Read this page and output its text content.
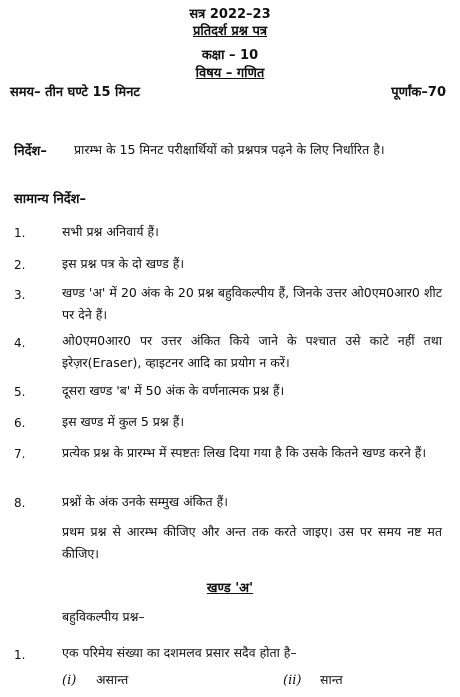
सत्र 2022–23
प्रतिदर्श प्रश्न पत्र
कक्षा – 10
विषय – गणित
समय– तीन घण्टे 15 मिनट	पूर्णांक–70
निर्देश– प्रारम्भ के 15 मिनट परीक्षार्थियों को प्रश्नपत्र पढ़ने के लिए निर्धारित है।
सामान्य निर्देश–
1.	सभी प्रश्न अनिवार्य हैं।
2.	इस प्रश्न पत्र के दो खण्ड हैं।
3.	खण्ड 'अ' में 20 अंक के 20 प्रश्न बहुविकल्पीय हैं, जिनके उत्तर ओ0एम0आर0 शीट पर देने हैं।
4.	ओ0एम0आर0 पर उत्तर अंकित किये जाने के पश्चात उसे काटे नहीं तथा इरेज़र(Eraser), व्हाइटनर आदि का प्रयोग न करें।
5.	दूसरा खण्ड 'ब' में 50 अंक के वर्णनात्मक प्रश्न हैं।
6.	इस खण्ड में कुल 5 प्रश्न हैं।
7.	प्रत्येक प्रश्न के प्रारम्भ में स्पष्टतः लिख दिया गया है कि उसके कितने खण्ड करने हैं।
8.	प्रश्नों के अंक उनके सम्मुख अंकित हैं।
प्रथम प्रश्न से आरम्भ कीजिए और अन्त तक करते जाइए। उस पर समय नष्ट मत कीजिए।
खण्ड 'अ'
बहुविकल्पीय प्रश्न–
1.	एक परिमेय संख्या का दशमलव प्रसार सदैव होता है–
(i) असान्त	(ii) सान्त
